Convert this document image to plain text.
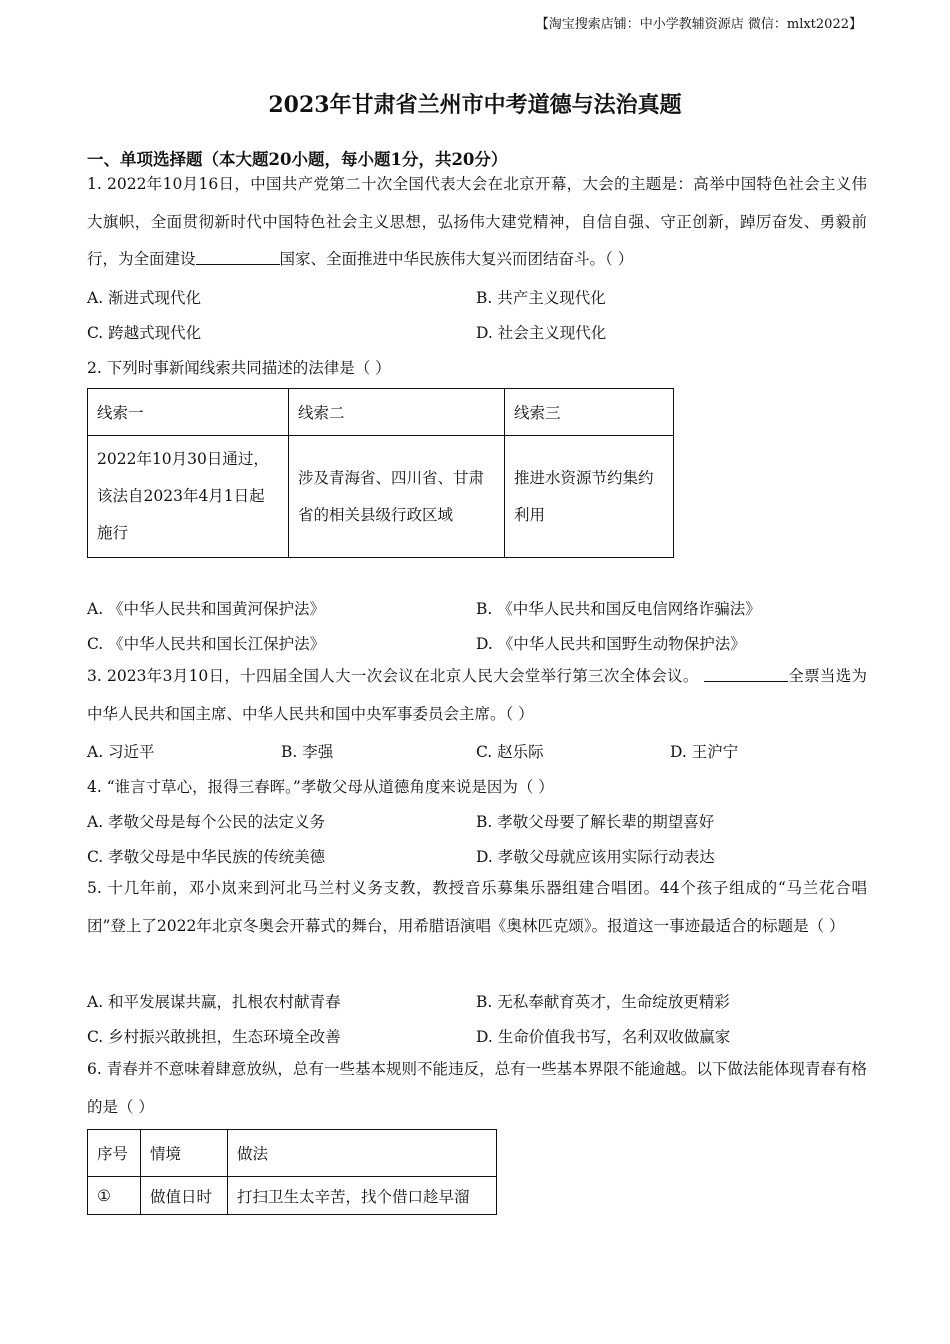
【淘宝搜索店铺：中小学教辅资源店 微信：mlxt2022】
2023年甘肃省兰州市中考道德与法治真题
一、单项选择题（本大题20小题，每小题1分，共20分）
1. 2022年10月16日，中国共产党第二十次全国代表大会在北京开幕，大会的主题是：高举中国特色社会主义伟大旗帜，全面贯彻新时代中国特色社会主义思想，弘扬伟大建党精神，自信自强、守正创新，踔厉奋发、勇毅前行，为全面建设	国家、全面推进中华民族伟大复兴而团结奋斗。（ ）
A. 渐进式现代化	B. 共产主义现代化
C. 跨越式现代化	D. 社会主义现代化
2. 下列时事新闻线索共同描述的法律是（ ）
线索一	线索二	线索三
2022年10月30日通过，该法自2023年4月1日起施行	涉及青海省、四川省、甘肃省的相关县级行政区域	推进水资源节约集约利用
A. 《中华人民共和国黄河保护法》	B. 《中华人民共和国反电信网络诈骗法》
C. 《中华人民共和国长江保护法》	D. 《中华人民共和国野生动物保护法》
3. 2023年3月10日，十四届全国人大一次会议在北京人民大会堂举行第三次全体会议。	全票当选为中华人民共和国主席、中华人民共和国中央军事委员会主席。（ ）
A. 习近平	B. 李强	C. 赵乐际	D. 王沪宁
4. “谁言寸草心，报得三春晖。”孝敬父母从道德角度来说是因为（ ）
A. 孝敬父母是每个公民的法定义务	B. 孝敬父母要了解长辈的期望喜好
C. 孝敬父母是中华民族的传统美德	D. 孝敬父母就应该用实际行动表达
5. 十几年前，邓小岚来到河北马兰村义务支教，教授音乐募集乐器组建合唱团。44个孩子组成的“马兰花合唱团”登上了2022年北京冬奥会开幕式的舞台，用希腊语演唱《奥林匹克颂》。报道这一事迹最适合的标题是（ ）
A. 和平发展谋共赢，扎根农村献青春	B. 无私奉献育英才，生命绽放更精彩
C. 乡村振兴敢挑担，生态环境全改善	D. 生命价值我书写，名利双收做赢家
6. 青春并不意味着肆意放纵，总有一些基本规则不能违反，总有一些基本界限不能逾越。以下做法能体现青春有格的是（ ）
序号	情境	做法
①	做值日时	打扫卫生太辛苦，找个借口趁早溜
